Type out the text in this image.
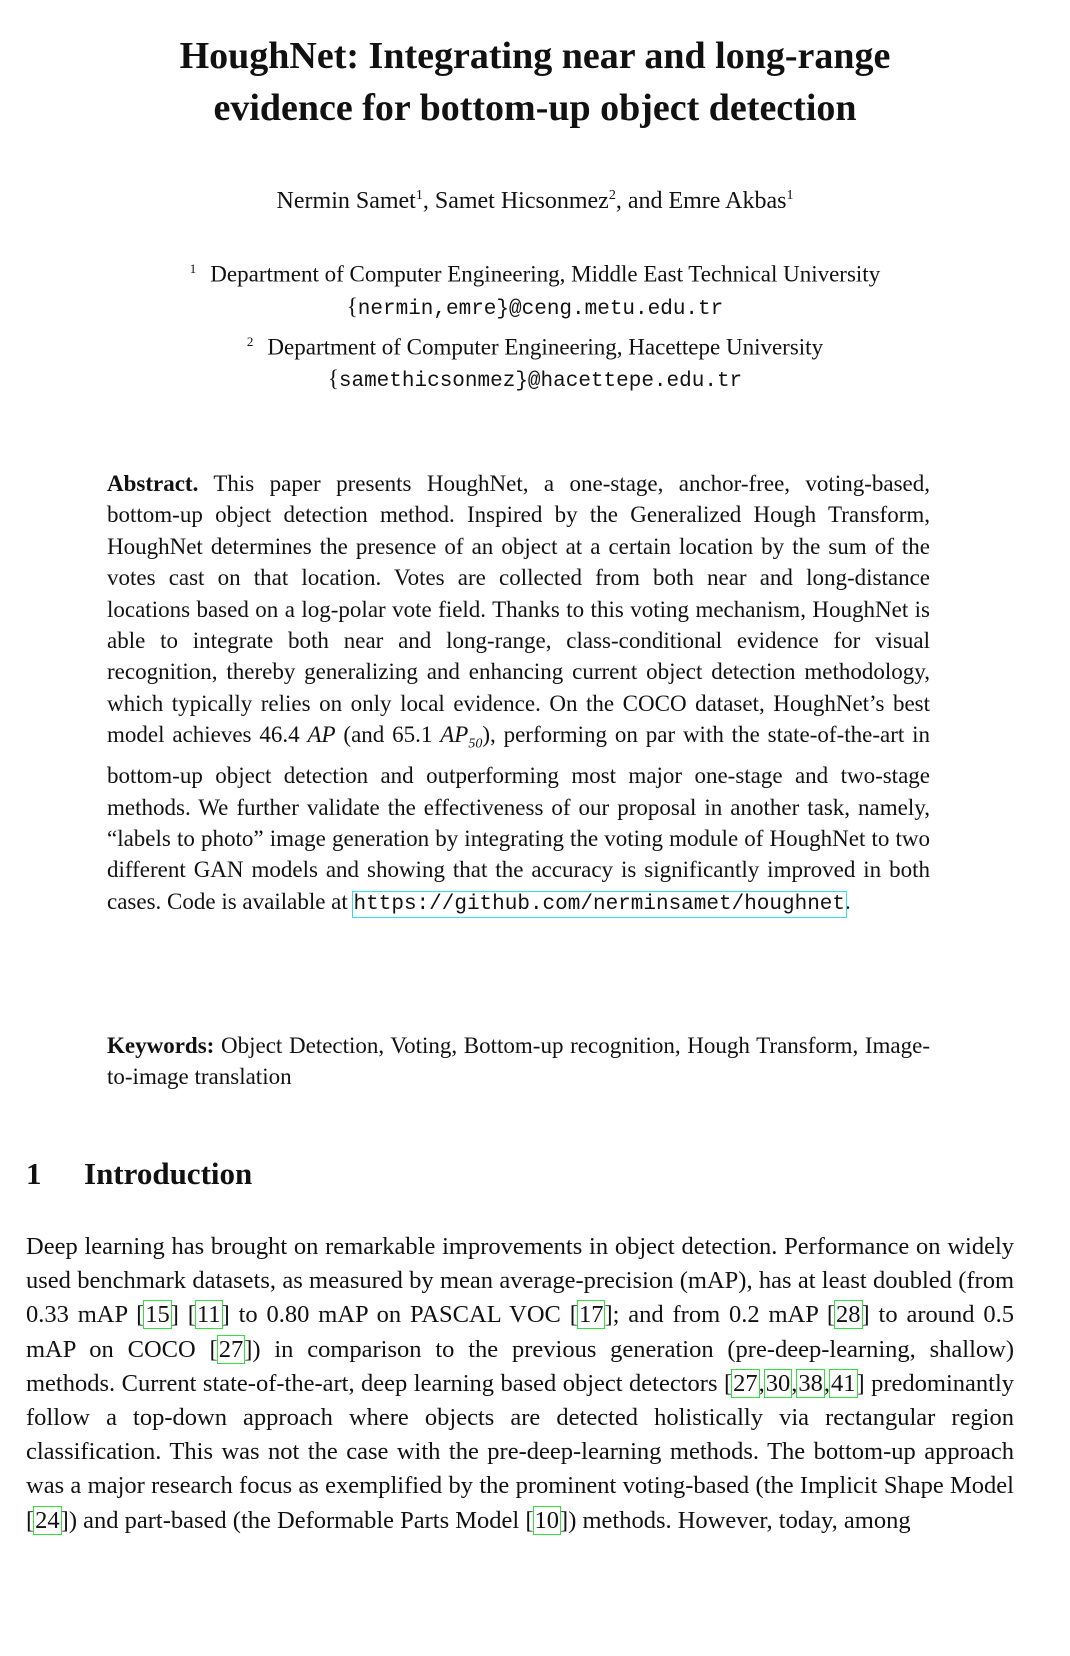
HoughNet: Integrating near and long-range
evidence for bottom-up object detection
Nermin Samet$^1$, Samet Hicsonmez$^2$, and Emre Akbas$^1$
$^1$ Department of Computer Engineering, Middle East Technical University
{nermin,emre}@ceng.metu.edu.tr
$^2$ Department of Computer Engineering, Hacettepe University
{samethicsonmez}@hacettepe.edu.tr
Abstract. This paper presents HoughNet, a one-stage, anchor-free, voting-based, bottom-up object detection method. Inspired by the Generalized Hough Transform, HoughNet determines the presence of an object at a certain location by the sum of the votes cast on that location. Votes are collected from both near and long-distance locations based on a log-polar vote field. Thanks to this voting mechanism, HoughNet is able to integrate both near and long-range, class-conditional evidence for visual recognition, thereby generalizing and enhancing current object detection methodology, which typically relies on only local evidence. On the COCO dataset, HoughNet’s best model achieves 46.4 AP (and 65.1 $AP_{50}$), performing on par with the state-of-the-art in bottom-up object detection and outperforming most major one-stage and two-stage methods. We further validate the effectiveness of our proposal in another task, namely, “labels to photo” image generation by integrating the voting module of HoughNet to two different GAN models and showing that the accuracy is significantly improved in both cases. Code is available at https://github.com/nerminsamet/houghnet.
Keywords: Object Detection, Voting, Bottom-up recognition, Hough Transform, Image-to-image translation
1 Introduction
Deep learning has brought on remarkable improvements in object detection. Performance on widely used benchmark datasets, as measured by mean average-precision (mAP), has at least doubled (from 0.33 mAP [15] [11] to 0.80 mAP on PASCAL VOC [17]; and from 0.2 mAP [28] to around 0.5 mAP on COCO [27]) in comparison to the previous generation (pre-deep-learning, shallow) methods. Current state-of-the-art, deep learning based object detectors [27,30,38,41] predominantly follow a top-down approach where objects are detected holistically via rectangular region classification. This was not the case with the pre-deep-learning methods. The bottom-up approach was a major research focus as exemplified by the prominent voting-based (the Implicit Shape Model [24]) and part-based (the Deformable Parts Model [10]) methods. However, today, among
